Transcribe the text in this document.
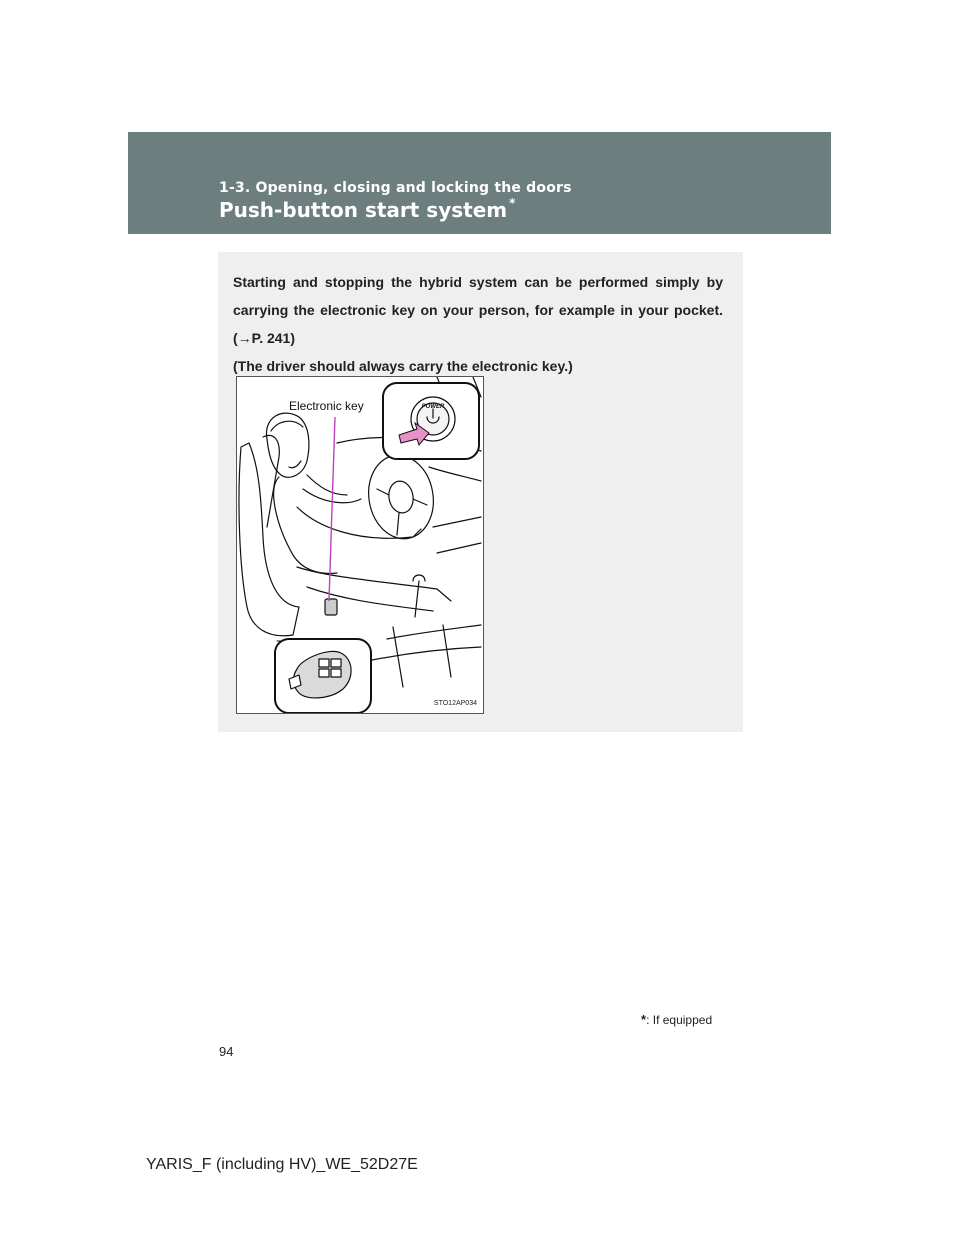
1-3. Opening, closing and locking the doors
Push-button start system *

Starting and stopping the hybrid system can be performed simply by carrying the electronic key on your person, for example in your pocket. (→P. 241)

(The driver should always carry the electronic key.)

POWER
Electronic key
STO12AP034
*: If equipped
94
YARIS_F (including HV)_WE_52D27E
